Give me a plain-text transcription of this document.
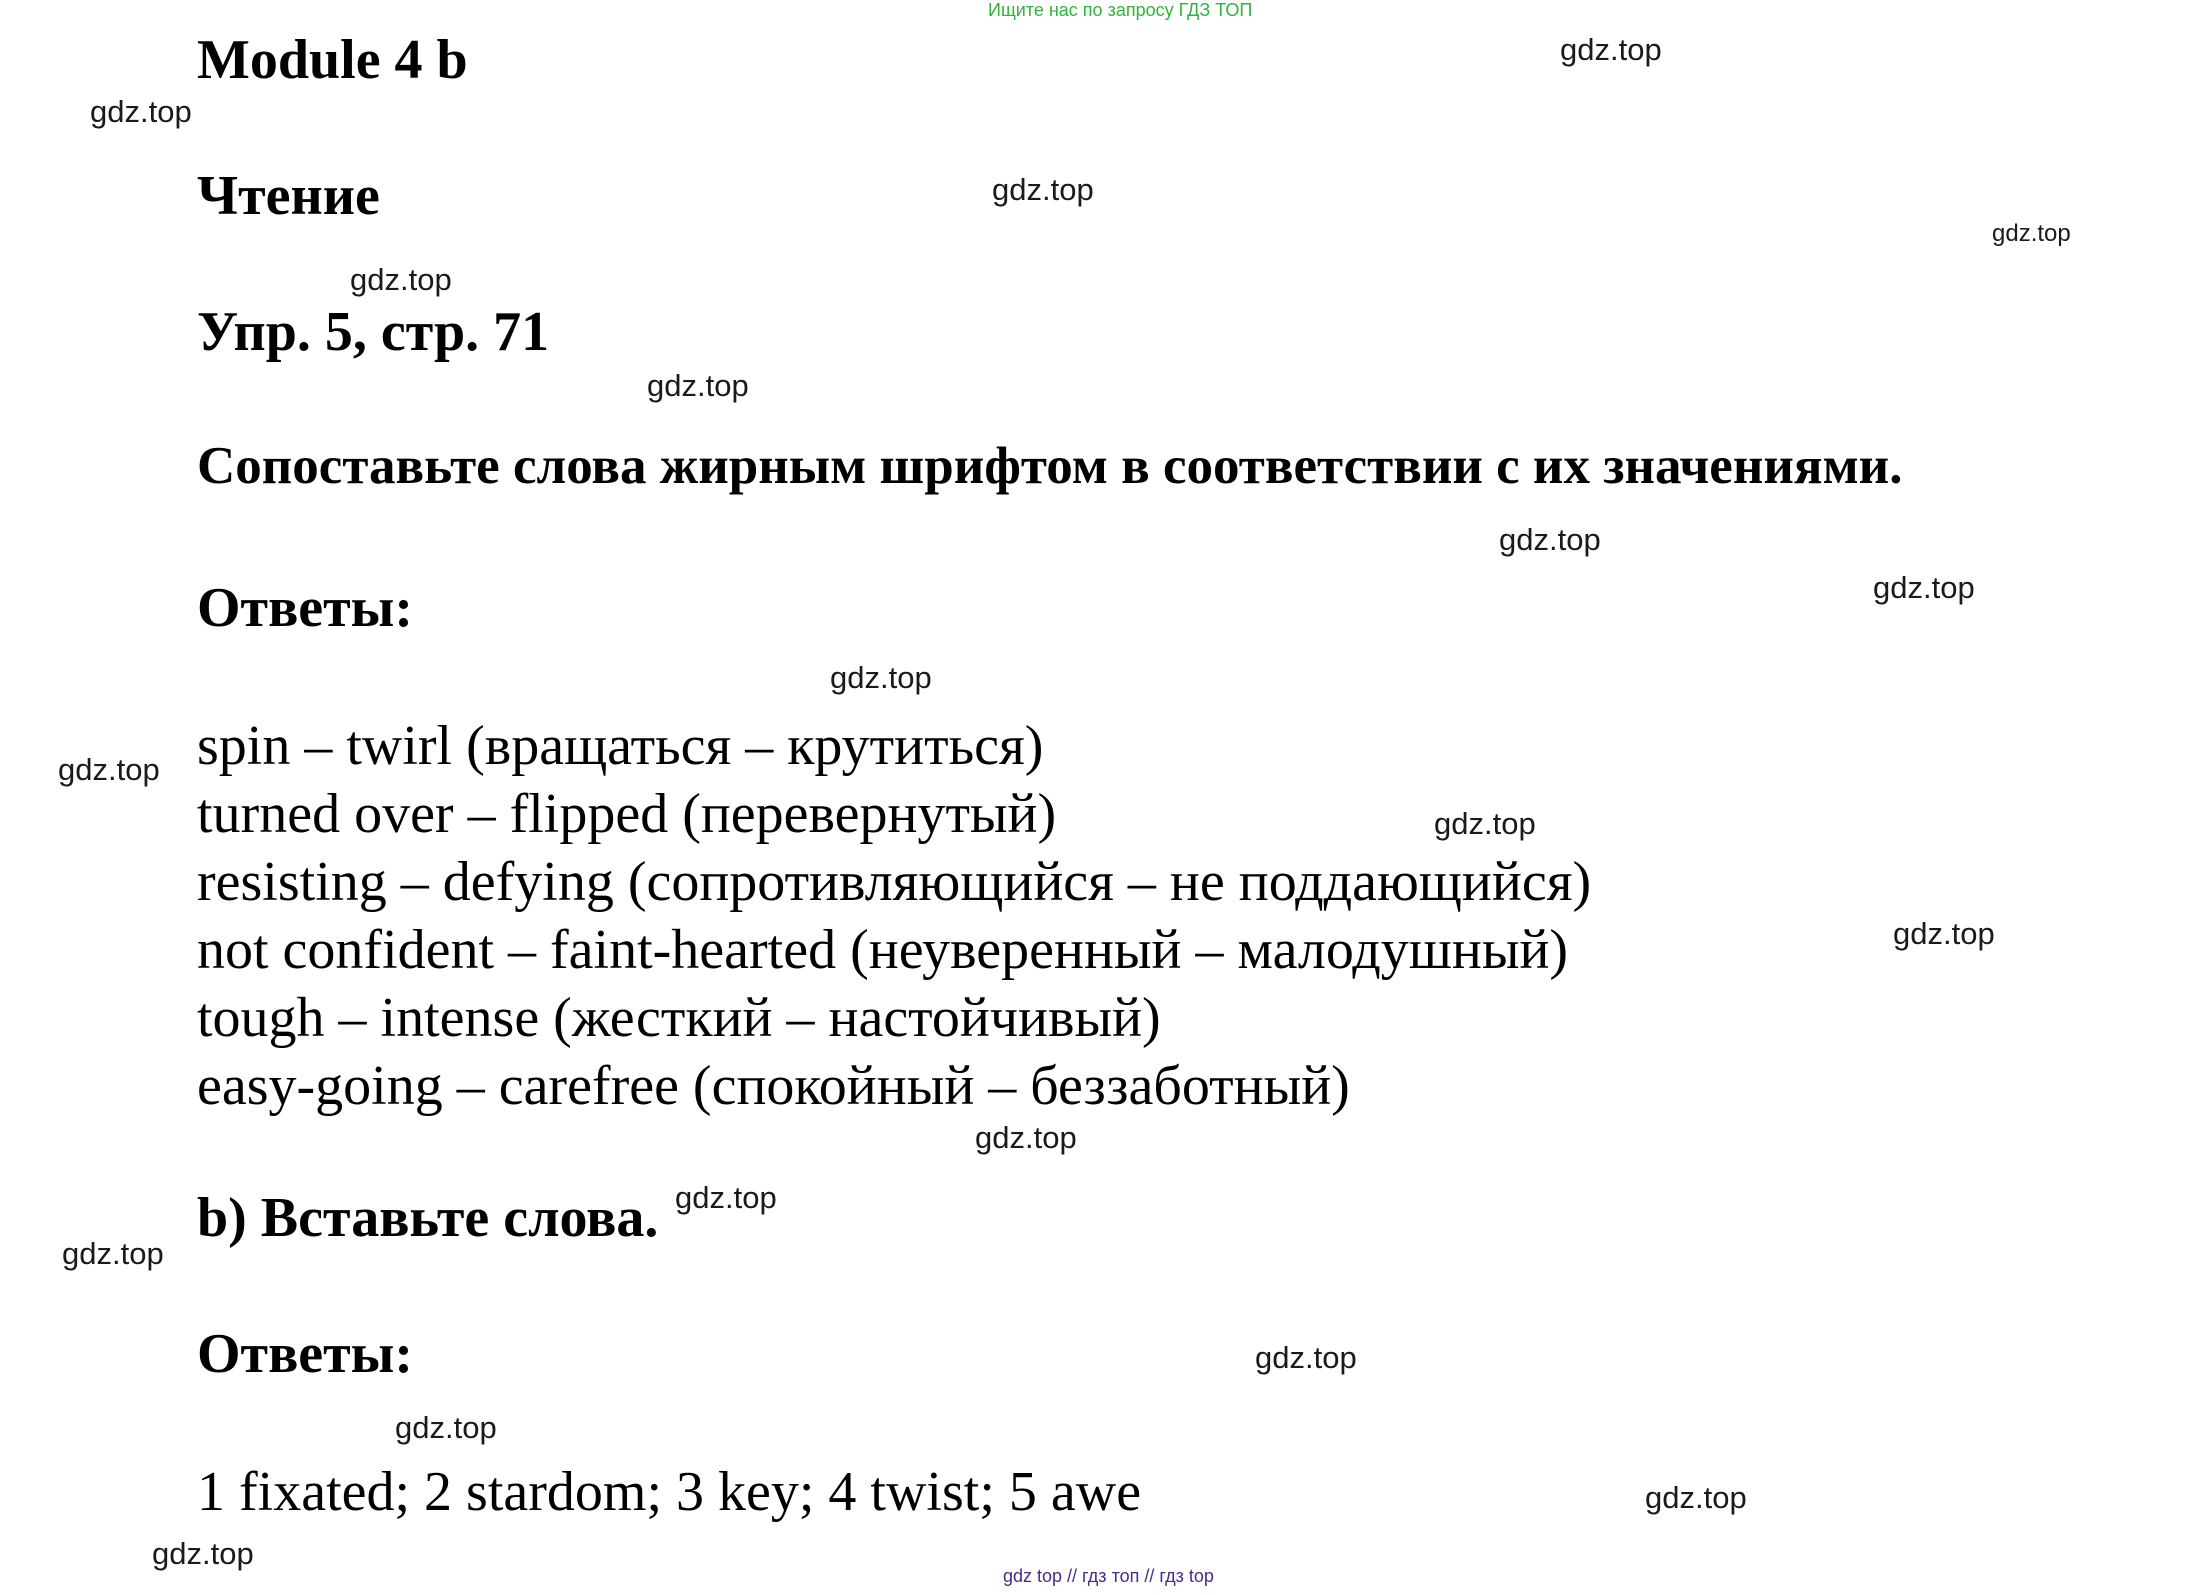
Ищите нас по запросу ГДЗ ТОП
Module 4 b
Чтение
Упр. 5, стр. 71
Сопоставьте слова жирным шрифтом в соответствии с их значениями.
Ответы:
spin – twirl (вращаться – крутиться)
turned over – flipped (перевернутый)
resisting – defying (сопротивляющийся – не поддающийся)
not confident – faint-hearted (неуверенный – малодушный)
tough – intense (жесткий – настойчивый)
easy-going – carefree (спокойный – беззаботный)
b) Вставьте слова.
Ответы:
1 fixated; 2 stardom; 3 key; 4 twist; 5 awe
gdz.top
gdz.top
gdz.top
gdz.top
gdz.top
gdz.top
gdz.top
gdz.top
gdz.top
gdz.top
gdz.top
gdz.top
gdz.top
gdz.top
gdz.top
gdz.top
gdz.top
gdz.top
gdz.top
gdz top // гдз топ // гдз top
